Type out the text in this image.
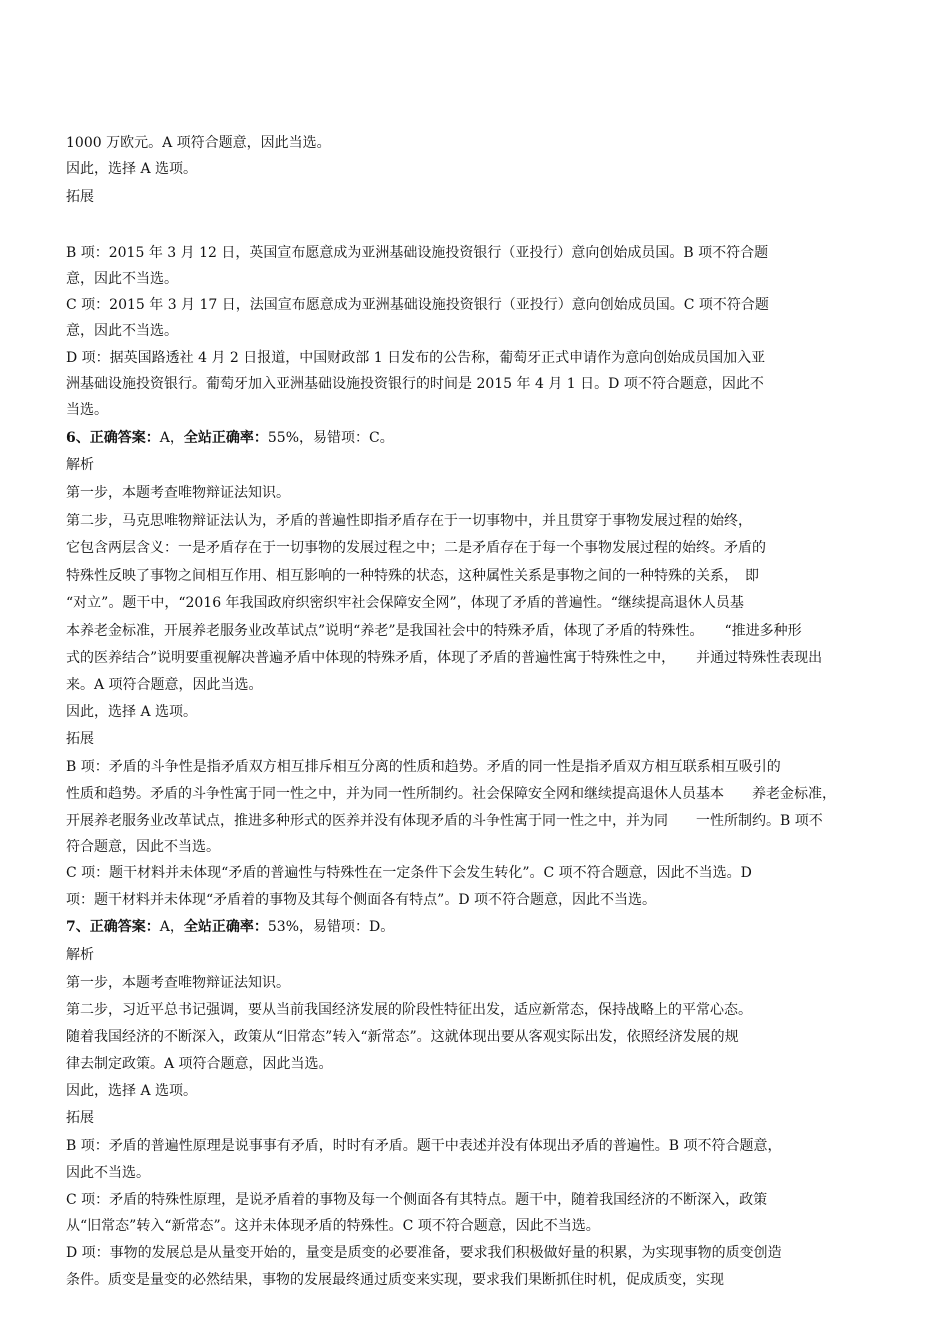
1000 万欧元。A 项符合题意，因此当选。
因此，选择 A 选项。
拓展
B 项：2015 年 3 月 12 日，英国宣布愿意成为亚洲基础设施投资银行（亚投行）意向创始成员国。B 项不符合题
意，因此不当选。
C 项：2015 年 3 月 17 日，法国宣布愿意成为亚洲基础设施投资银行（亚投行）意向创始成员国。C 项不符合题
意，因此不当选。
D 项：据英国路透社 4 月 2 日报道，中国财政部 1 日发布的公告称，葡萄牙正式申请作为意向创始成员国加入亚
洲基础设施投资银行。葡萄牙加入亚洲基础设施投资银行的时间是 2015 年 4 月 1 日。D 项不符合题意，因此不
当选。
6、正确答案：A，全站正确率：55%，易错项：C。
解析
第一步，本题考查唯物辩证法知识。
第二步，马克思唯物辩证法认为，矛盾的普遍性即指矛盾存在于一切事物中，并且贯穿于事物发展过程的始终，
它包含两层含义：一是矛盾存在于一切事物的发展过程之中；二是矛盾存在于每一个事物发展过程的始终。矛盾的
特殊性反映了事物之间相互作用、相互影响的一种特殊的状态，这种属性关系是事物之间的一种特殊的关系，　即
“对立”。题干中，“2016 年我国政府织密织牢社会保障安全网”，体现了矛盾的普遍性。“继续提高退休人员基
本养老金标准，开展养老服务业改革试点”说明“养老”是我国社会中的特殊矛盾，体现了矛盾的特殊性。　　“推进多种形
式的医养结合”说明要重视解决普遍矛盾中体现的特殊矛盾，体现了矛盾的普遍性寓于特殊性之中，　　并通过特殊性表现出
来。A 项符合题意，因此当选。
因此，选择 A 选项。
拓展
B 项：矛盾的斗争性是指矛盾双方相互排斥相互分离的性质和趋势。矛盾的同一性是指矛盾双方相互联系相互吸引的
性质和趋势。矛盾的斗争性寓于同一性之中，并为同一性所制约。社会保障安全网和继续提高退休人员基本　　养老金标准，
开展养老服务业改革试点，推进多种形式的医养并没有体现矛盾的斗争性寓于同一性之中，并为同　　一性所制约。B 项不
符合题意，因此不当选。
C 项：题干材料并未体现“矛盾的普遍性与特殊性在一定条件下会发生转化”。C 项不符合题意，因此不当选。D
项：题干材料并未体现“矛盾着的事物及其每个侧面各有特点”。D 项不符合题意，因此不当选。
7、正确答案：A，全站正确率：53%，易错项：D。
解析
第一步，本题考查唯物辩证法知识。
第二步，习近平总书记强调，要从当前我国经济发展的阶段性特征出发，适应新常态，保持战略上的平常心态。
随着我国经济的不断深入，政策从“旧常态”转入“新常态”。这就体现出要从客观实际出发，依照经济发展的规
律去制定政策。A 项符合题意，因此当选。
因此，选择 A 选项。
拓展
B 项：矛盾的普遍性原理是说事事有矛盾，时时有矛盾。题干中表述并没有体现出矛盾的普遍性。B 项不符合题意，
因此不当选。
C 项：矛盾的特殊性原理，是说矛盾着的事物及每一个侧面各有其特点。题干中，随着我国经济的不断深入，政策
从“旧常态”转入“新常态”。这并未体现矛盾的特殊性。C 项不符合题意，因此不当选。
D 项：事物的发展总是从量变开始的，量变是质变的必要准备，要求我们积极做好量的积累，为实现事物的质变创造
条件。质变是量变的必然结果，事物的发展最终通过质变来实现，要求我们果断抓住时机，促成质变，实现
